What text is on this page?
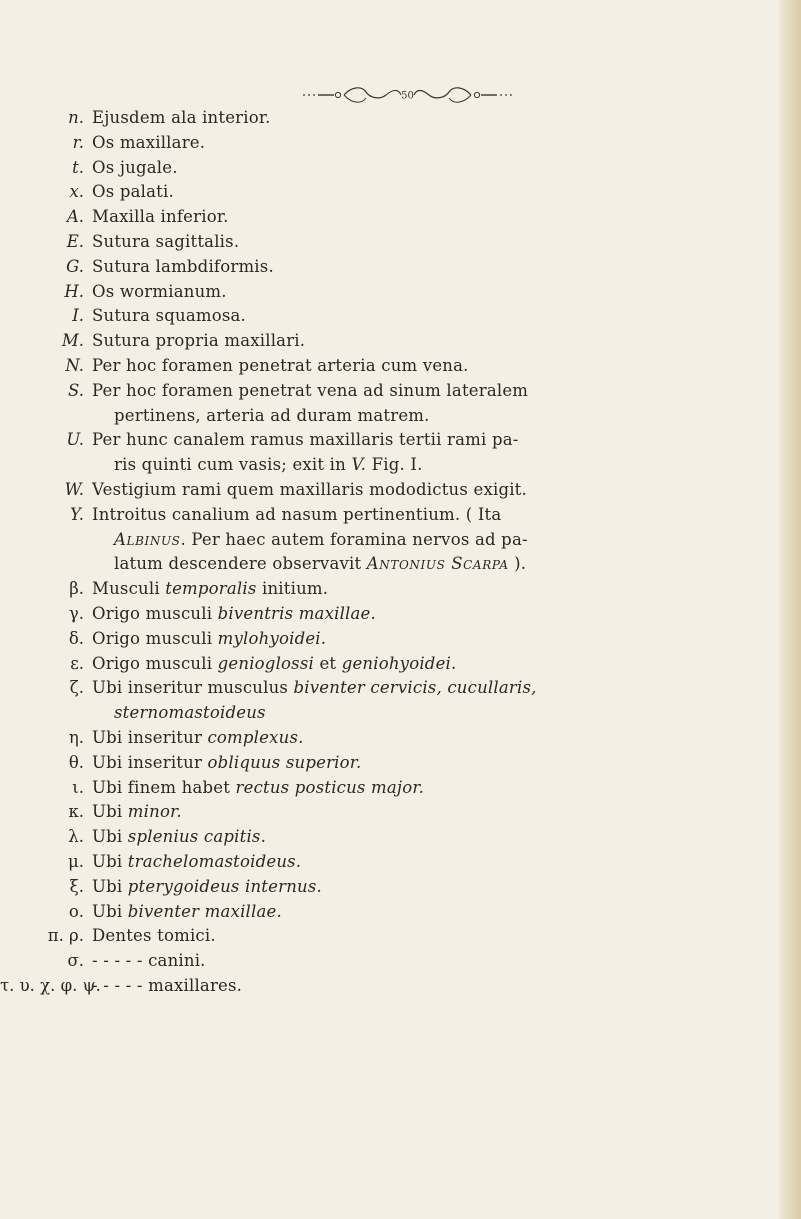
50
n. Ejusdem ala interior.
r. Os maxillare.
t. Os jugale.
x. Os palati.
A. Maxilla inferior.
E. Sutura sagittalis.
G. Sutura lambdiformis.
H. Os wormianum.
I. Sutura squamosa.
M. Sutura propria maxillari.
N. Per hoc foramen penetrat arteria cum vena.
S. Per hoc foramen penetrat vena ad sinum lateralem
pertinens, arteria ad duram matrem.
U. Per hunc canalem ramus maxillaris tertii rami pa-
ris quinti cum vasis; exit in V. Fig. I.
W. Vestigium rami quem maxillaris mododictus exigit.
Y. Introitus canalium ad nasum pertinentium. ( Ita
Albinus. Per haec autem foramina nervos ad pa-
latum descendere observavit Antonius Scarpa ).
β. Musculi temporalis initium.
γ. Origo musculi biventris maxillae.
δ. Origo musculi mylohyoidei.
ε. Origo musculi genioglossi et geniohyoidei.
ζ. Ubi inseritur musculus biventer cervicis, cucullaris,
sternomastoideus
η. Ubi inseritur complexus.
θ. Ubi inseritur obliquus superior.
ι. Ubi finem habet rectus posticus major.
κ. Ubi minor.
λ. Ubi splenius capitis.
μ. Ubi trachelomastoideus.
ξ. Ubi pterygoideus internus.
ο. Ubi biventer maxillae.
π. ρ. Dentes tomici.
σ. - - - - - canini.
τ. υ. χ. φ. ψ.
- - - - - maxillares.
